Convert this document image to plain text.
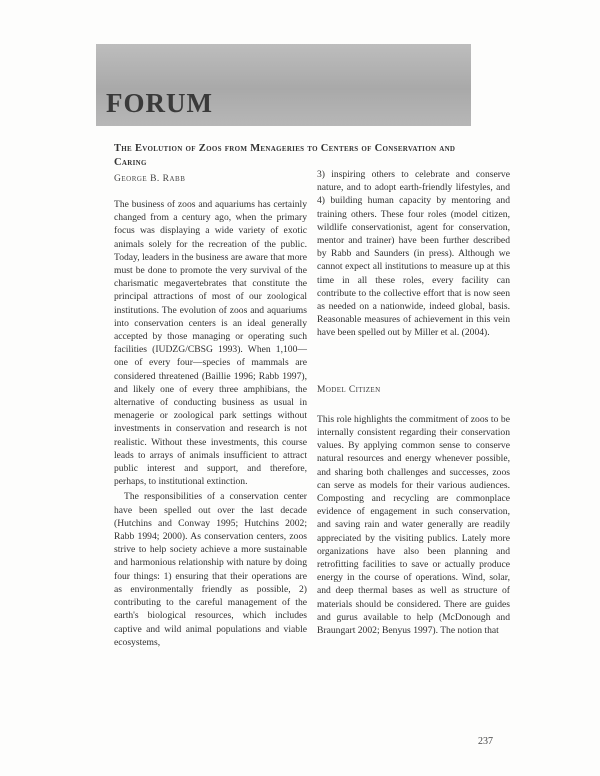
FORUM
The Evolution of Zoos from Menageries to Centers of Conservation and Caring
George B. Rabb

The business of zoos and aquariums has certainly changed from a century ago, when the primary focus was displaying a wide variety of exotic animals solely for the recreation of the public. Today, leaders in the business are aware that more must be done to promote the very survival of the charismatic megavertebrates that constitute the principal attractions of most of our zoological institutions. The evolution of zoos and aquariums into conservation centers is an ideal generally accepted by those managing or operating such facilities (IUDZG/CBSG 1993). When 1,100—one of every four—species of mammals are considered threatened (Baillie 1996; Rabb 1997), and likely one of every three amphibians, the alternative of conducting business as usual in menagerie or zoological park settings without investments in conservation and research is not realistic. Without these investments, this course leads to arrays of animals insufficient to attract public interest and support, and therefore, perhaps, to institutional extinction.

The responsibilities of a conservation center have been spelled out over the last decade (Hutchins and Conway 1995; Hutchins 2002; Rabb 1994; 2000). As conservation centers, zoos strive to help society achieve a more sustainable and harmonious relationship with nature by doing four things: 1) ensuring that their operations are as environmentally friendly as possible, 2) contributing to the careful management of the earth's biological resources, which includes captive and wild animal populations and viable ecosystems,

3) inspiring others to celebrate and conserve nature, and to adopt earth-friendly lifestyles, and 4) building human capacity by mentoring and training others. These four roles (model citizen, wildlife conservationist, agent for conservation, mentor and trainer) have been further described by Rabb and Saunders (in press). Although we cannot expect all institutions to measure up at this time in all these roles, every facility can contribute to the collective effort that is now seen as needed on a nationwide, indeed global, basis. Reasonable measures of achievement in this vein have been spelled out by Miller et al. (2004).

Model Citizen

This role highlights the commitment of zoos to be internally consistent regarding their conservation values. By applying common sense to conserve natural resources and energy whenever possible, and sharing both challenges and successes, zoos can serve as models for their various audiences. Composting and recycling are commonplace evidence of engagement in such conservation, and saving rain and water generally are readily appreciated by the visiting publics. Lately more organizations have also been planning and retrofitting facilities to save or actually produce energy in the course of operations. Wind, solar, and deep thermal bases as well as structure of materials should be considered. There are guides and gurus available to help (McDonough and Braungart 2002; Benyus 1997). The notion that

237
